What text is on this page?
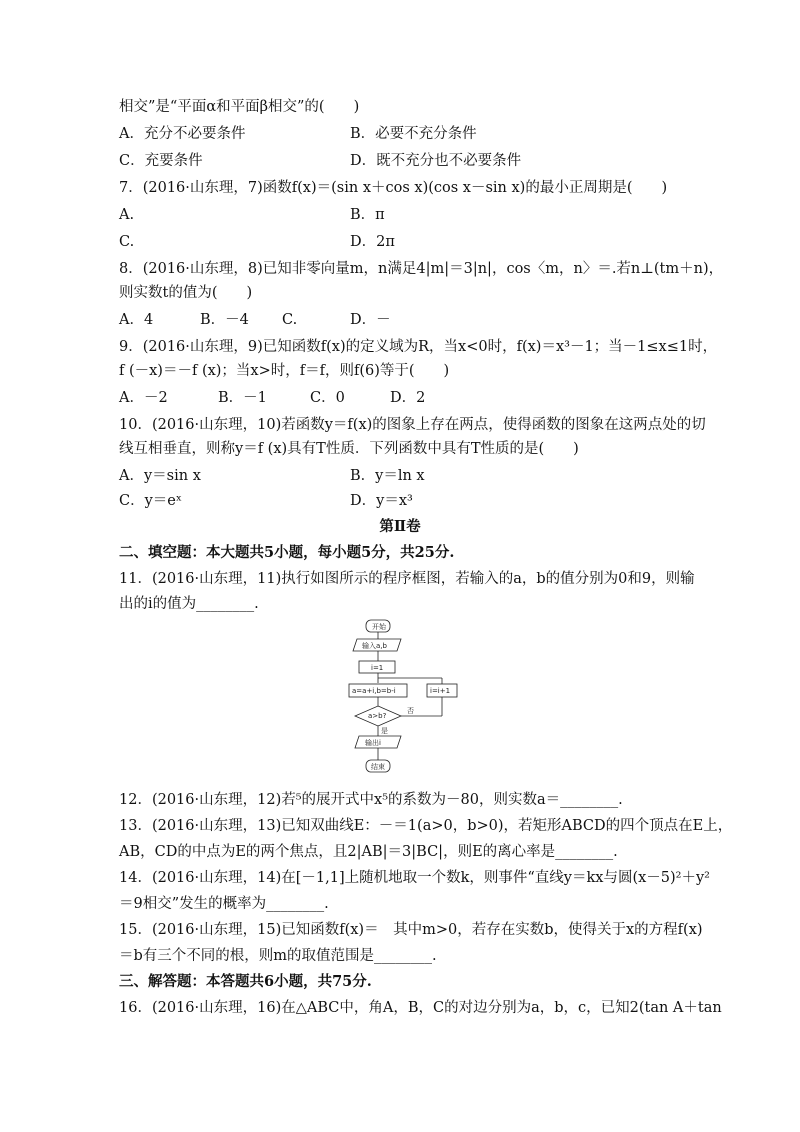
相交”是“平面α和平面β相交”的(　　)
A．充分不必要条件	B．必要不充分条件
C．充要条件	D．既不充分也不必要条件
7．(2016·山东理，7)函数f(x)＝(sin x＋cos x)(cos x－sin x)的最小正周期是(　　)
A.	B．π
C.	D．2π
8．(2016·山东理，8)已知非零向量m，n满足4|m|＝3|n|，cos〈m，n〉＝.若n⊥(tm＋n)，
则实数t的值为(　　)
A．4	B．－4 C.	D．－
9．(2016·山东理，9)已知函数f(x)的定义域为R，当x<0时，f(x)＝x³－1；当－1≤x≤1时，
f (－x)＝－f (x)；当x>时，f＝f，则f(6)等于(　　)
A．－2	B．－1	C．0	D．2
10．(2016·山东理，10)若函数y＝f(x)的图象上存在两点，使得函数的图象在这两点处的切
线互相垂直，则称y＝f (x)具有T性质．下列函数中具有T性质的是(　　)
A．y＝sin x	B．y＝ln x
C．y＝eˣ	D．y＝x³
第Ⅱ卷
二、填空题：本大题共5小题，每小题5分，共25分.
11．(2016·山东理，11)执行如图所示的程序框图，若输入的a，b的值分别为0和9，则输
出的i的值为________.
开始
输入a,b
i=1
a=a+i,b=b-i	i=i+1
a>b?
否
是
输出i
结束
12．(2016·山东理，12)若⁵的展开式中x⁵的系数为－80，则实数a＝________.
13．(2016·山东理，13)已知双曲线E：－＝1(a>0，b>0)，若矩形ABCD的四个顶点在E上，
AB，CD的中点为E的两个焦点，且2|AB|＝3|BC|，则E的离心率是________.
14．(2016·山东理，14)在[－1,1]上随机地取一个数k，则事件“直线y＝kx与圆(x－5)²＋y²
＝9相交”发生的概率为________.
15．(2016·山东理，15)已知函数f(x)＝　其中m>0，若存在实数b，使得关于x的方程f(x)
＝b有三个不同的根，则m的取值范围是________.
三、解答题：本答题共6小题，共75分.
16．(2016·山东理，16)在△ABC中，角A，B，C的对边分别为a，b，c，已知2(tan A＋tan
